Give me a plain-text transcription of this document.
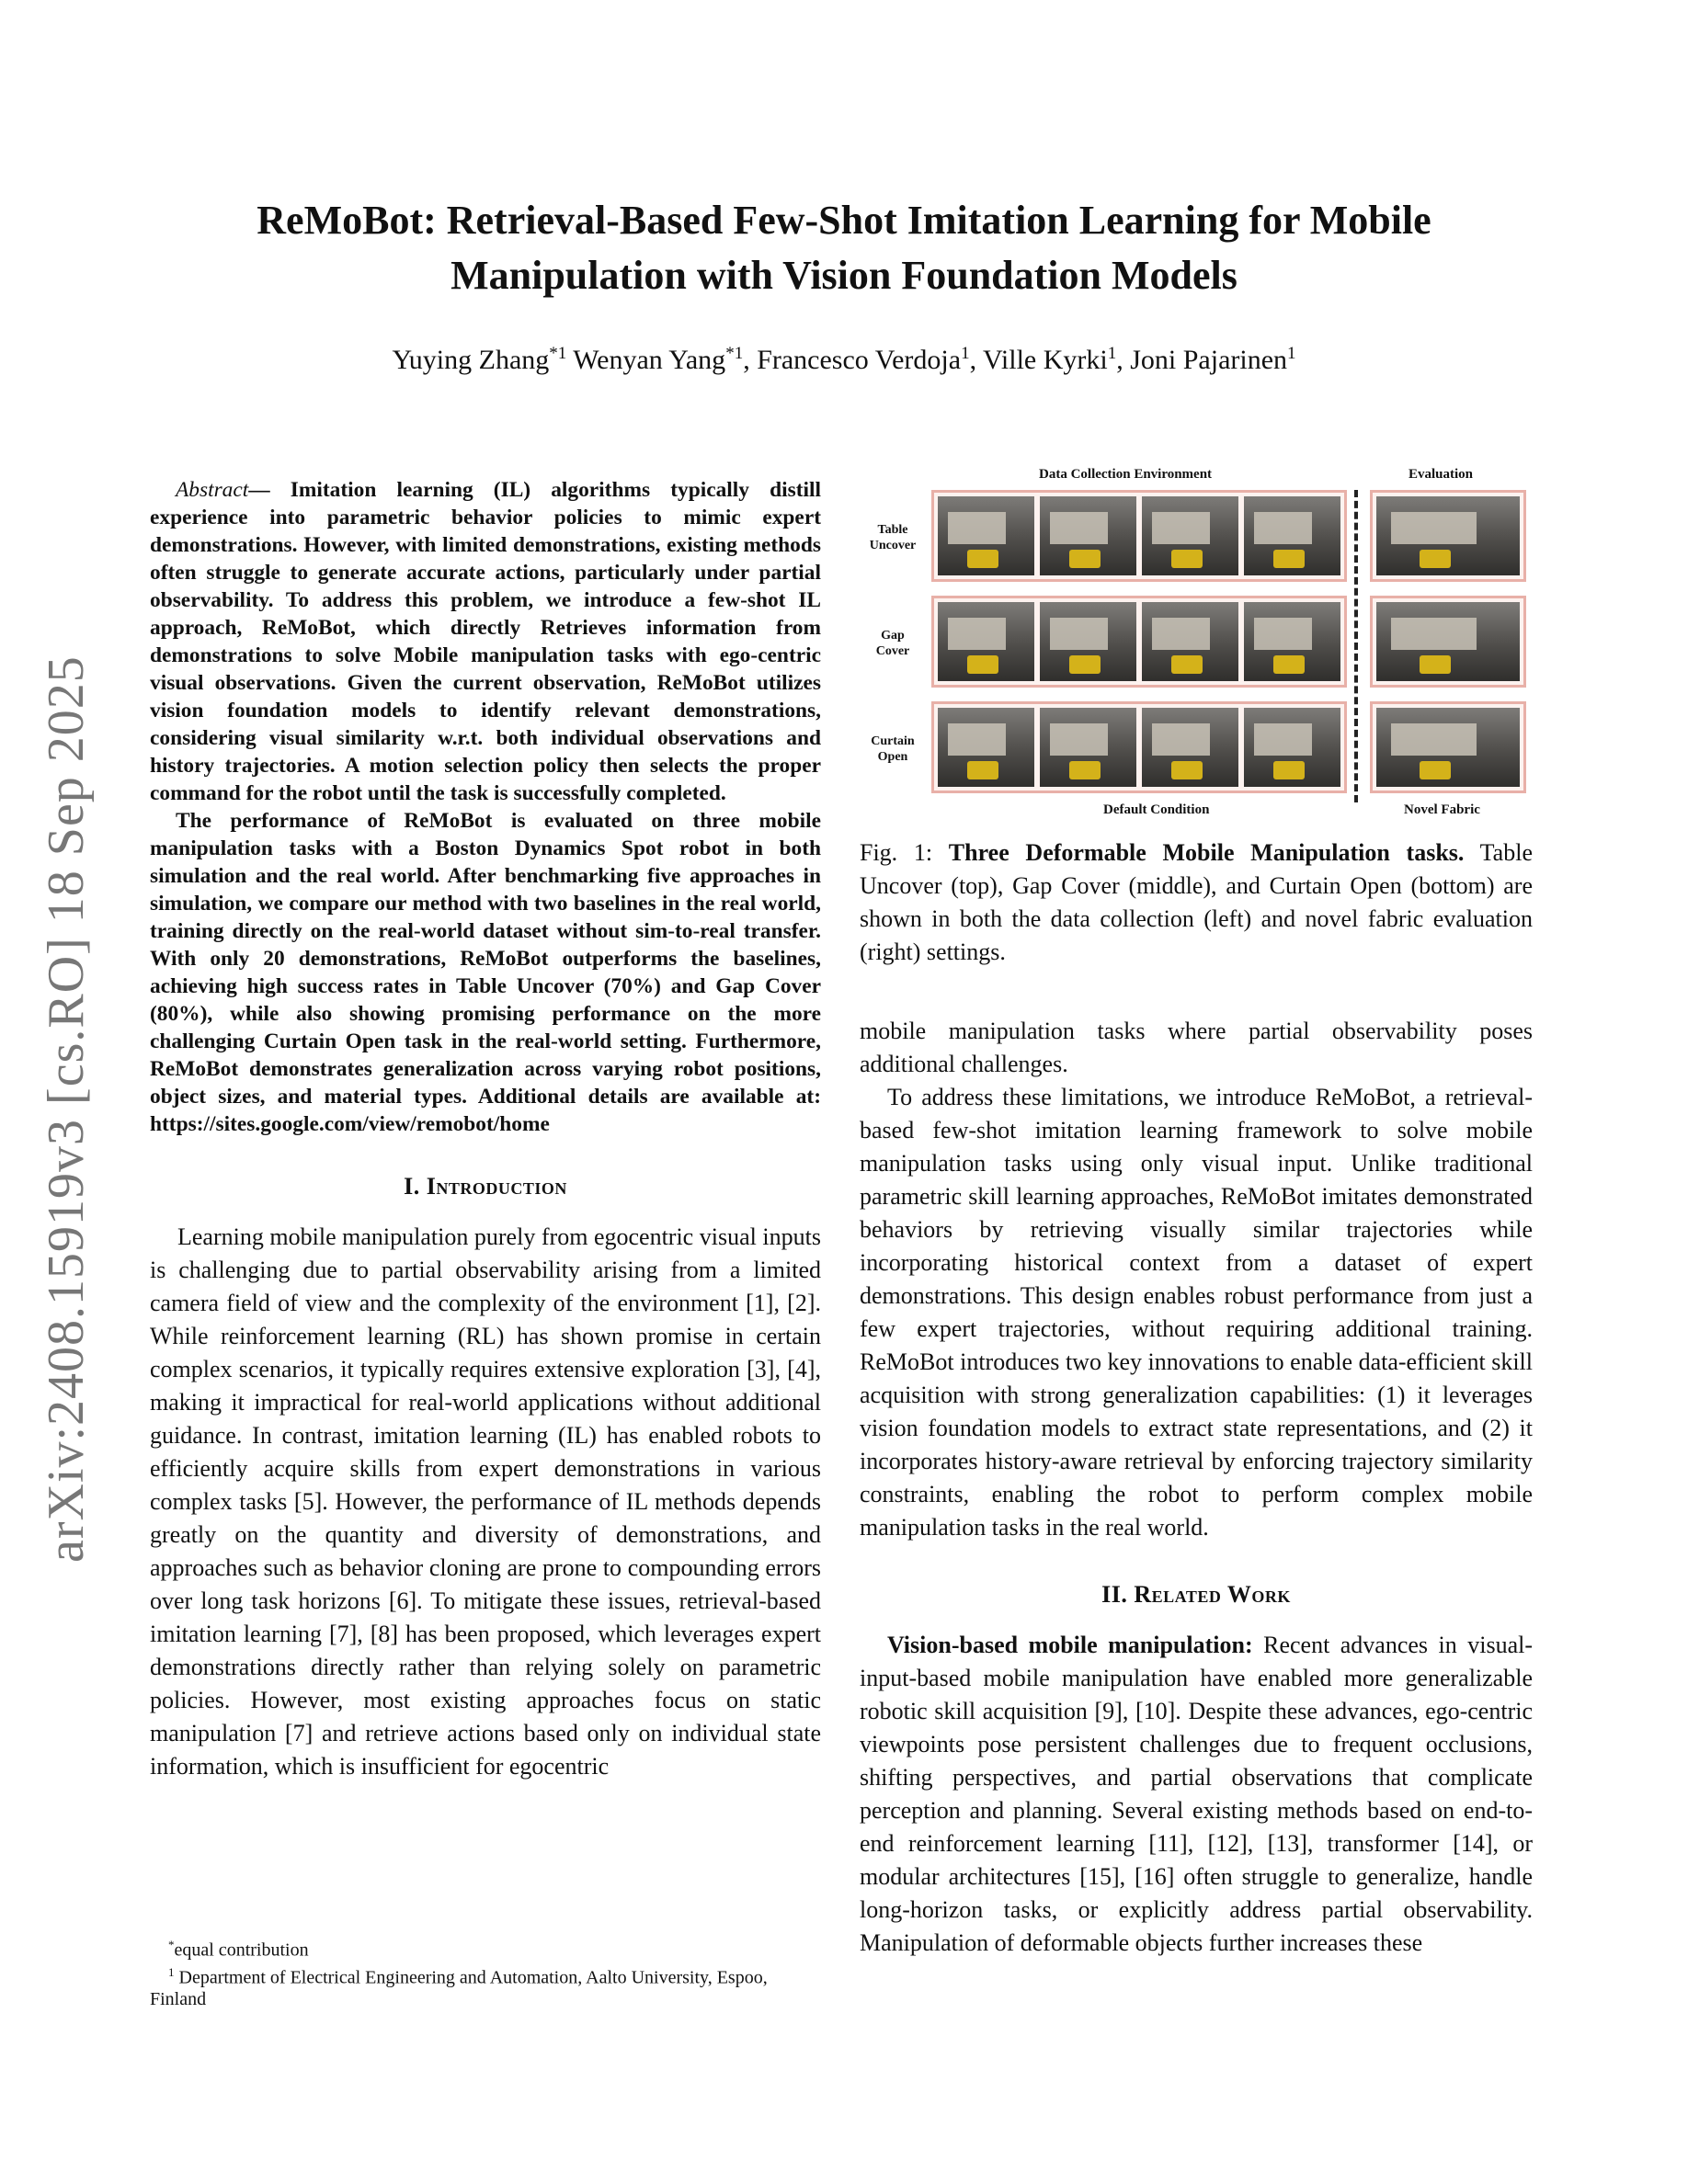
arXiv:2408.15919v3 [cs.RO] 18 Sep 2025
ReMoBot: Retrieval-Based Few-Shot Imitation Learning for Mobile
Manipulation with Vision Foundation Models
Yuying Zhang$^{*1}$ Wenyan Yang$^{*1}$, Francesco Verdoja$^1$, Ville Kyrki$^1$, Joni Pajarinen$^1$

Abstract— Imitation learning (IL) algorithms typically distill experience into parametric behavior policies to mimic expert demonstrations. However, with limited demonstrations, existing methods often struggle to generate accurate actions, particularly under partial observability. To address this problem, we introduce a few-shot IL approach, ReMoBot, which directly Retrieves information from demonstrations to solve Mobile manipulation tasks with ego-centric visual observations. Given the current observation, ReMoBot utilizes vision foundation models to identify relevant demonstrations, considering visual similarity w.r.t. both individual observations and history trajectories. A motion selection policy then selects the proper command for the robot until the task is successfully completed.

The performance of ReMoBot is evaluated on three mobile manipulation tasks with a Boston Dynamics Spot robot in both simulation and the real world. After benchmarking five approaches in simulation, we compare our method with two baselines in the real world, training directly on the real-world dataset without sim-to-real transfer. With only 20 demonstrations, ReMoBot outperforms the baselines, achieving high success rates in Table Uncover (70%) and Gap Cover (80%), while also showing promising performance on the more challenging Curtain Open task in the real-world setting. Furthermore, ReMoBot demonstrates generalization across varying robot positions, object sizes, and material types. Additional details are available at: https://sites.google.com/view/remobot/home

I. Introduction

Learning mobile manipulation purely from egocentric visual inputs is challenging due to partial observability arising from a limited camera field of view and the complexity of the environment [1], [2]. While reinforcement learning (RL) has shown promise in certain complex scenarios, it typically requires extensive exploration [3], [4], making it impractical for real-world applications without additional guidance. In contrast, imitation learning (IL) has enabled robots to efficiently acquire skills from expert demonstrations in various complex tasks [5]. However, the performance of IL methods depends greatly on the quantity and diversity of demonstrations, and approaches such as behavior cloning are prone to compounding errors over long task horizons [6]. To mitigate these issues, retrieval-based imitation learning [7], [8] has been proposed, which leverages expert demonstrations directly rather than relying solely on parametric policies. However, most existing approaches focus on static manipulation [7] and retrieve actions based only on individual state information, which is insufficient for egocentric

*equal contribution

$^1$ Department of Electrical Engineering and Automation, Aalto University, Espoo, Finland

Data Collection Environment	Evaluation
Table
Uncover
Gap
Cover
Curtain
Open
Default Condition	Novel Fabric
Fig. 1: Three Deformable Mobile Manipulation tasks. Table Uncover (top), Gap Cover (middle), and Curtain Open (bottom) are shown in both the data collection (left) and novel fabric evaluation (right) settings.

mobile manipulation tasks where partial observability poses additional challenges.

To address these limitations, we introduce ReMoBot, a retrieval-based few-shot imitation learning framework to solve mobile manipulation tasks using only visual input. Unlike traditional parametric skill learning approaches, ReMoBot imitates demonstrated behaviors by retrieving visually similar trajectories while incorporating historical context from a dataset of expert demonstrations. This design enables robust performance from just a few expert trajectories, without requiring additional training. ReMoBot introduces two key innovations to enable data-efficient skill acquisition with strong generalization capabilities: (1) it leverages vision foundation models to extract state representations, and (2) it incorporates history-aware retrieval by enforcing trajectory similarity constraints, enabling the robot to perform complex mobile manipulation tasks in the real world.

II. Related Work

Vision-based mobile manipulation: Recent advances in visual-input-based mobile manipulation have enabled more generalizable robotic skill acquisition [9], [10]. Despite these advances, ego-centric viewpoints pose persistent challenges due to frequent occlusions, shifting perspectives, and partial observations that complicate perception and planning. Several existing methods based on end-to-end reinforcement learning [11], [12], [13], transformer [14], or modular architectures [15], [16] often struggle to generalize, handle long-horizon tasks, or explicitly address partial observability. Manipulation of deformable objects further increases these
